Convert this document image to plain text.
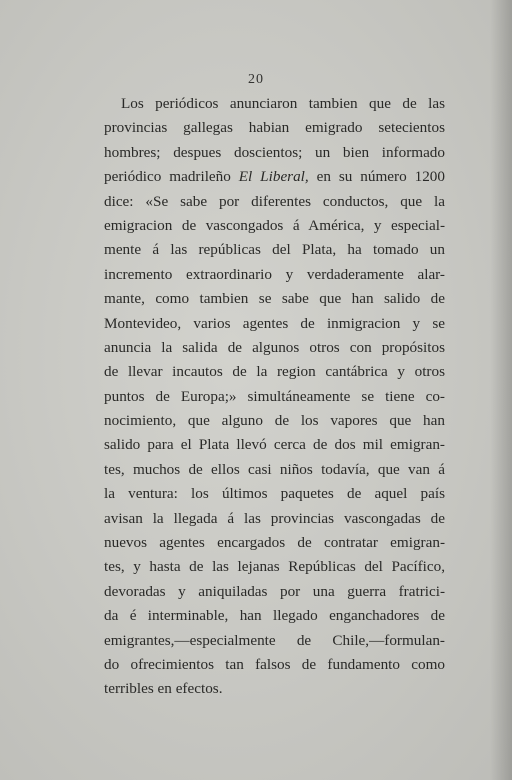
20
Los periódicos anunciaron tambien que de las
provincias gallegas habian emigrado setecientos
hombres; despues doscientos; un bien informado
periódico madrileño El Liberal, en su número 1200
dice: «Se sabe por diferentes conductos, que la
emigracion de vascongados á América, y especial-
mente á las repúblicas del Plata, ha tomado un
incremento extraordinario y verdaderamente alar-
mante, como tambien se sabe que han salido de
Montevideo, varios agentes de inmigracion y se
anuncia la salida de algunos otros con propósitos
de llevar incautos de la region cantábrica y otros
puntos de Europa;» simultáneamente se tiene co-
nocimiento, que alguno de los vapores que han
salido para el Plata llevó cerca de dos mil emigran-
tes, muchos de ellos casi niños todavía, que van á
la ventura: los últimos paquetes de aquel país
avisan la llegada á las provincias vascongadas de
nuevos agentes encargados de contratar emigran-
tes, y hasta de las lejanas Repúblicas del Pacífico,
devoradas y aniquiladas por una guerra fratrici-
da é interminable, han llegado enganchadores de
emigrantes,—especialmente de Chile,—formulan-
do ofrecimientos tan falsos de fundamento como
terribles en efectos.
